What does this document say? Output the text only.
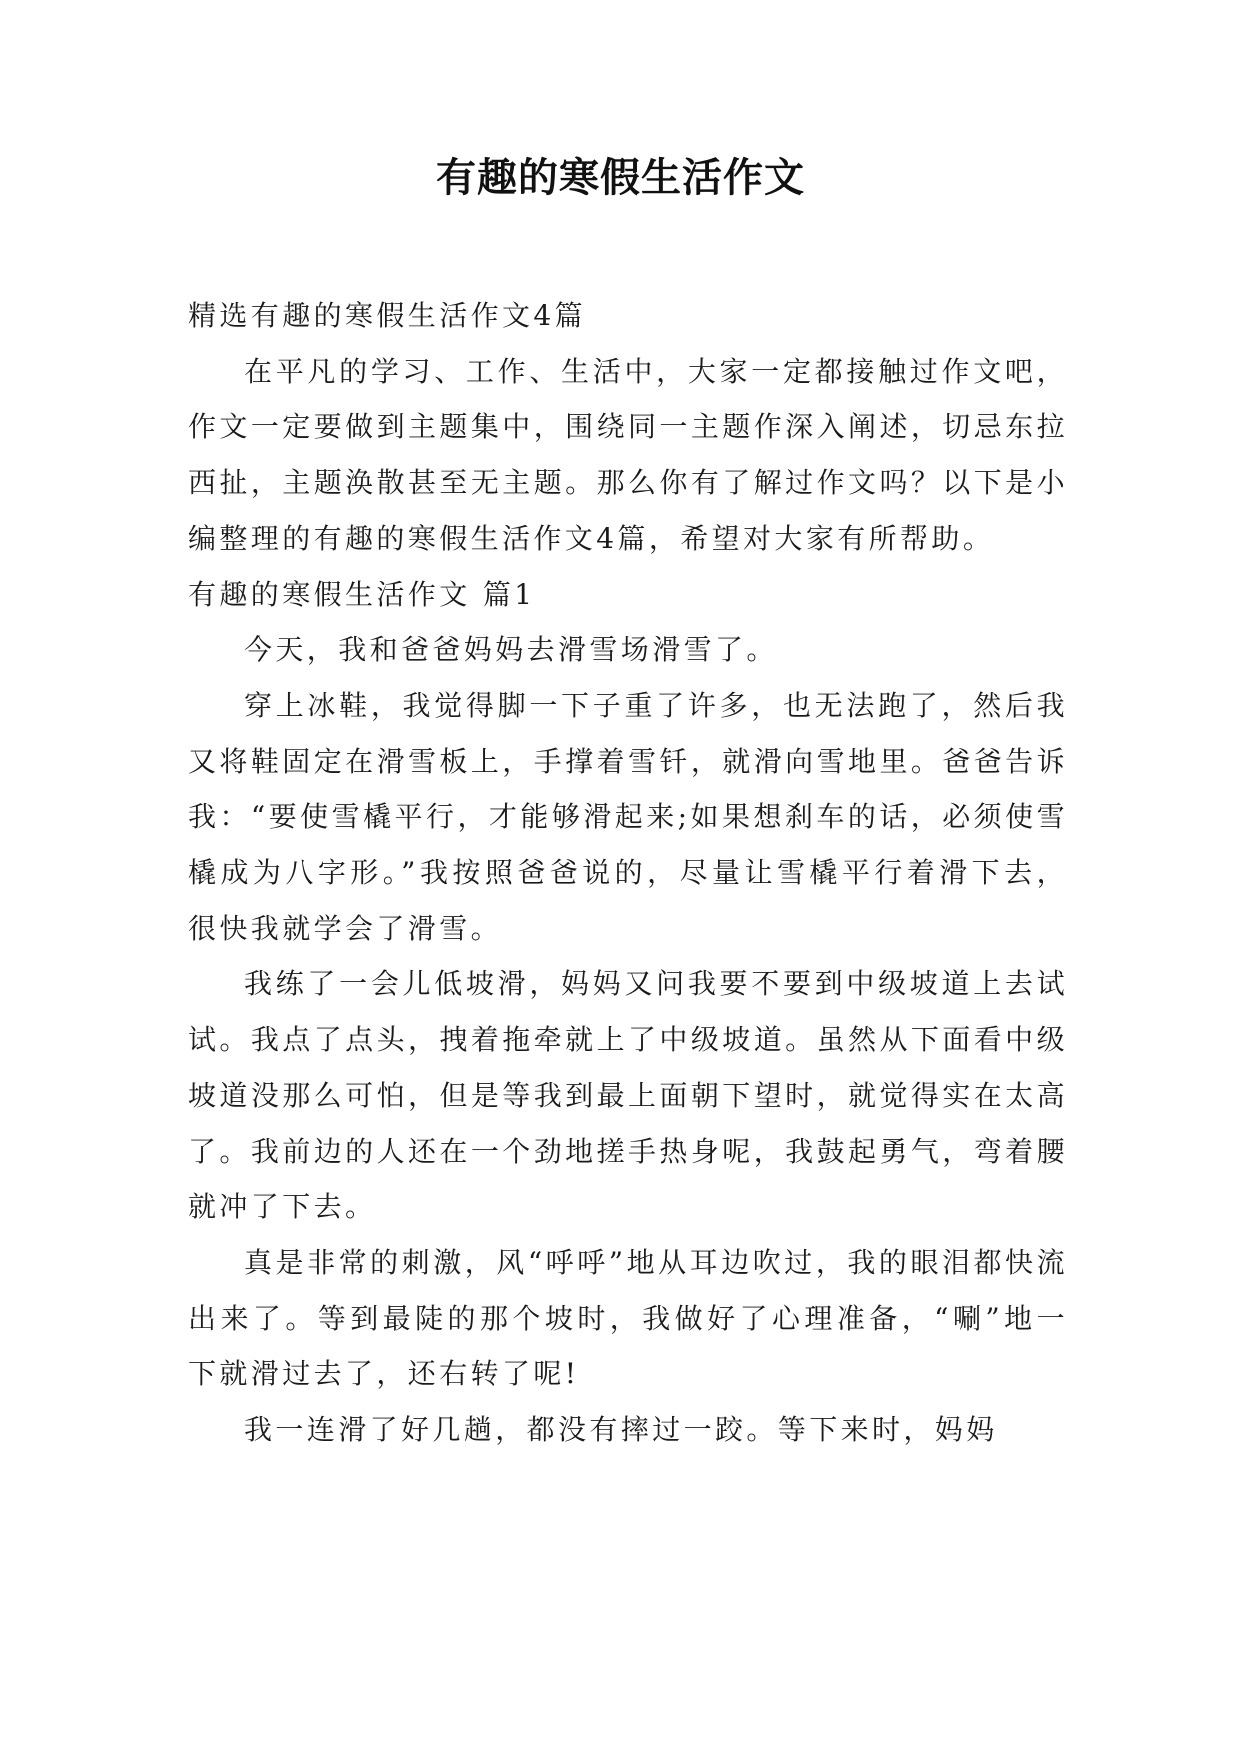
有趣的寒假生活作文

精选有趣的寒假生活作文4篇

在平凡的学习、工作、生活中，大家一定都接触过作文吧，作文一定要做到主题集中，围绕同一主题作深入阐述，切忌东拉西扯，主题涣散甚至无主题。那么你有了解过作文吗？以下是小编整理的有趣的寒假生活作文4篇，希望对大家有所帮助。

有趣的寒假生活作文 篇1

今天，我和爸爸妈妈去滑雪场滑雪了。

穿上冰鞋，我觉得脚一下子重了许多，也无法跑了，然后我又将鞋固定在滑雪板上，手撑着雪钎，就滑向雪地里。爸爸告诉我：“要使雪橇平行，才能够滑起来;如果想刹车的话，必须使雪橇成为八字形。”我按照爸爸说的，尽量让雪橇平行着滑下去，很快我就学会了滑雪。

我练了一会儿低坡滑，妈妈又问我要不要到中级坡道上去试试。我点了点头，拽着拖牵就上了中级坡道。虽然从下面看中级坡道没那么可怕，但是等我到最上面朝下望时，就觉得实在太高了。我前边的人还在一个劲地搓手热身呢，我鼓起勇气，弯着腰就冲了下去。

真是非常的刺激，风“呼呼”地从耳边吹过，我的眼泪都快流出来了。等到最陡的那个坡时，我做好了心理准备，“唰”地一下就滑过去了，还右转了呢!

我一连滑了好几趟，都没有摔过一跤。等下来时，妈妈
